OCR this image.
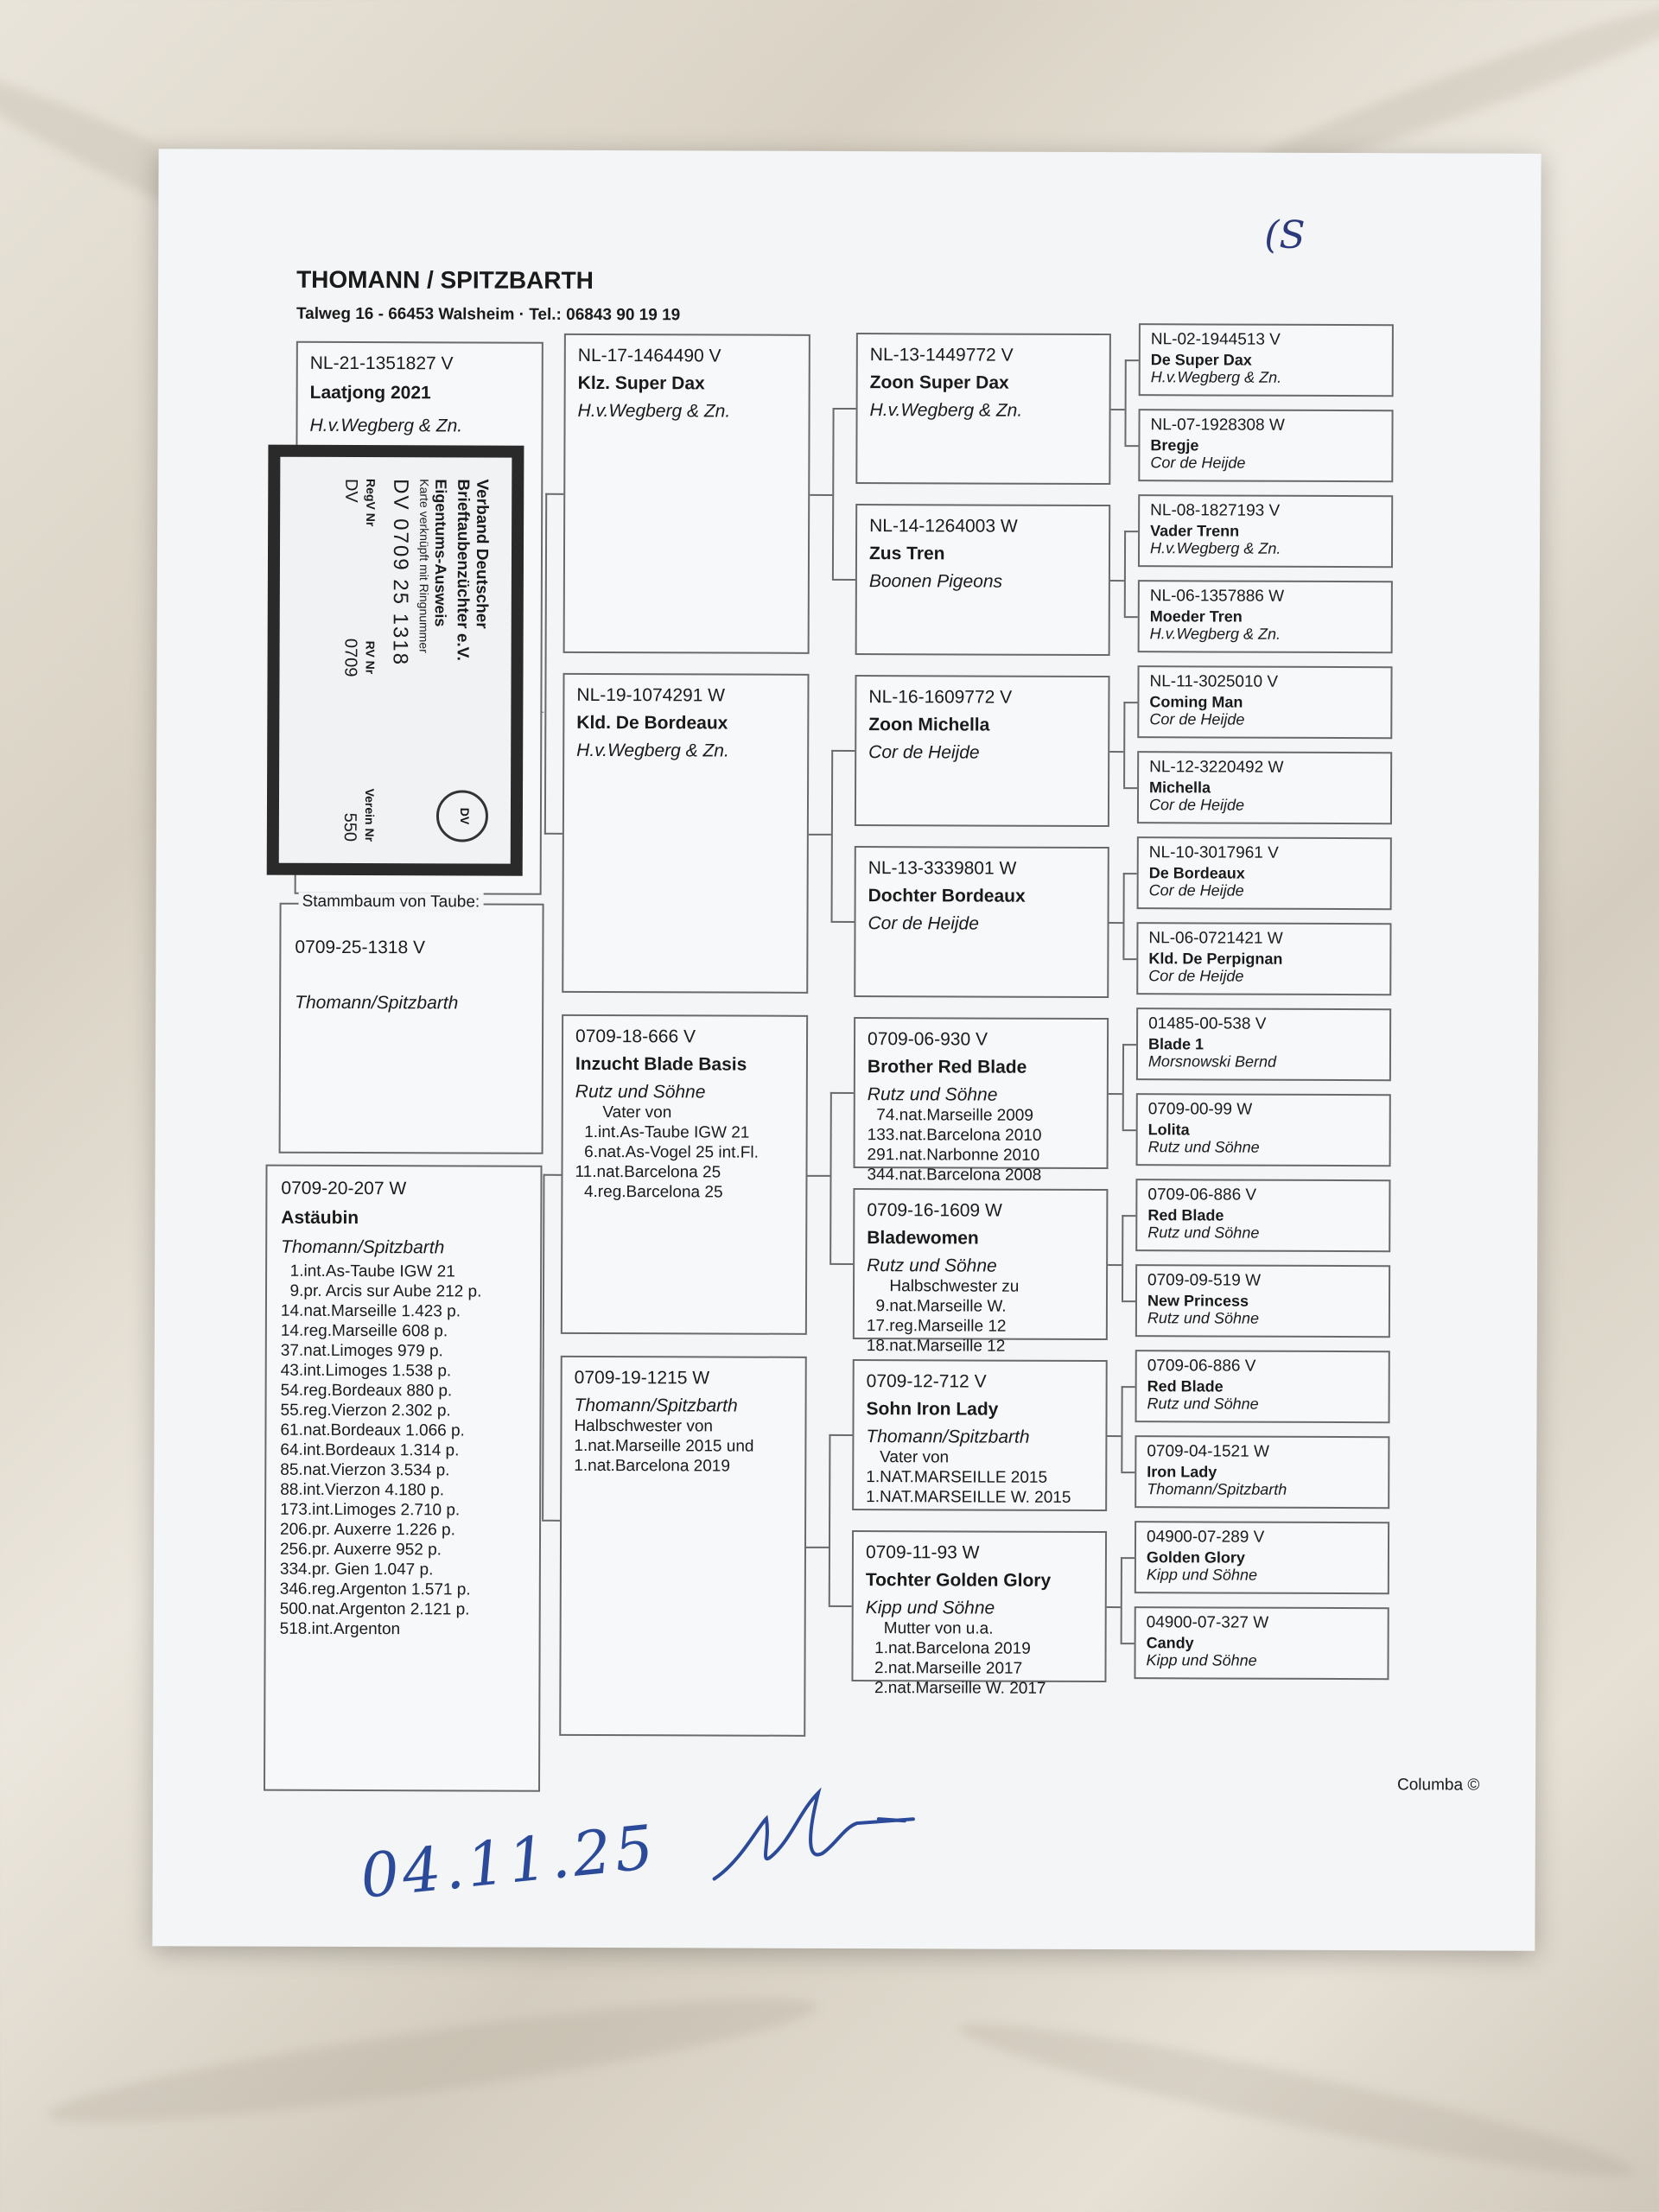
THOMANN / SPITZBARTH
Talweg 16 - 66453 Walsheim · Tel.: 06843 90 19 19
(S
NL-21-1351827 V
Laatjong 2021
H.v.Wegberg & Zn.
DV
Verband Deutscher
Brieftaubenzüchter e.V.
Eigentums-Ausweis
Karte verknüpft mit Ringnummer
DV 0709 25 1318
RegV Nr
RV Nr
Verein Nr
DV
0709
550
Stammbaum von Taube:
0709-25-1318 V
Thomann/Spitzbarth
0709-20-207 W
Astäubin
Thomann/Spitzbarth
1.int.As-Taube IGW 21
9.pr. Arcis sur Aube 212 p.
14.nat.Marseille 1.423 p.
14.reg.Marseille 608 p.
37.nat.Limoges 979 p.
43.int.Limoges 1.538 p.
54.reg.Bordeaux 880 p.
55.reg.Vierzon 2.302 p.
61.nat.Bordeaux 1.066 p.
64.int.Bordeaux 1.314 p.
85.nat.Vierzon 3.534 p.
88.int.Vierzon 4.180 p.
173.int.Limoges 2.710 p.
206.pr. Auxerre 1.226 p.
256.pr. Auxerre 952 p.
334.pr. Gien 1.047 p.
346.reg.Argenton 1.571 p.
500.nat.Argenton 2.121 p.
518.int.Argenton
NL-17-1464490 V
Klz. Super Dax
H.v.Wegberg & Zn.
NL-19-1074291 W
Kld. De Bordeaux
H.v.Wegberg & Zn.
0709-18-666 V
Inzucht Blade Basis
Rutz und Söhne
Vater von
1.int.As-Taube IGW 21
6.nat.As-Vogel 25 int.Fl.
11.nat.Barcelona 25
4.reg.Barcelona 25
0709-19-1215 W
Thomann/Spitzbarth
Halbschwester von
1.nat.Marseille 2015 und
1.nat.Barcelona 2019
NL-13-1449772 V
Zoon Super Dax
H.v.Wegberg & Zn.
NL-14-1264003 W
Zus Tren
Boonen Pigeons
NL-16-1609772 V
Zoon Michella
Cor de Heijde
NL-13-3339801 W
Dochter Bordeaux
Cor de Heijde
0709-06-930 V
Brother Red Blade
Rutz und Söhne
74.nat.Marseille 2009
133.nat.Barcelona 2010
291.nat.Narbonne 2010
344.nat.Barcelona 2008
0709-16-1609 W
Bladewomen
Rutz und Söhne
Halbschwester zu
9.nat.Marseille W.
17.reg.Marseille 12
18.nat.Marseille 12
0709-12-712 V
Sohn Iron Lady
Thomann/Spitzbarth
Vater von
1.NAT.MARSEILLE 2015
1.NAT.MARSEILLE W. 2015
0709-11-93 W
Tochter Golden Glory
Kipp und Söhne
Mutter von u.a.
1.nat.Barcelona 2019
2.nat.Marseille 2017
2.nat.Marseille W. 2017
NL-02-1944513 V
De Super Dax
H.v.Wegberg & Zn.
NL-07-1928308 W
Bregje
Cor de Heijde
NL-08-1827193 V
Vader Trenn
H.v.Wegberg & Zn.
NL-06-1357886 W
Moeder Tren
H.v.Wegberg & Zn.
NL-11-3025010 V
Coming Man
Cor de Heijde
NL-12-3220492 W
Michella
Cor de Heijde
NL-10-3017961 V
De Bordeaux
Cor de Heijde
NL-06-0721421 W
Kld. De Perpignan
Cor de Heijde
01485-00-538 V
Blade 1
Morsnowski Bernd
0709-00-99 W
Lolita
Rutz und Söhne
0709-06-886 V
Red Blade
Rutz und Söhne
0709-09-519 W
New Princess
Rutz und Söhne
0709-06-886 V
Red Blade
Rutz und Söhne
0709-04-1521 W
Iron Lady
Thomann/Spitzbarth
04900-07-289 V
Golden Glory
Kipp und Söhne
04900-07-327 W
Candy
Kipp und Söhne
Columba ©
04.11.25
